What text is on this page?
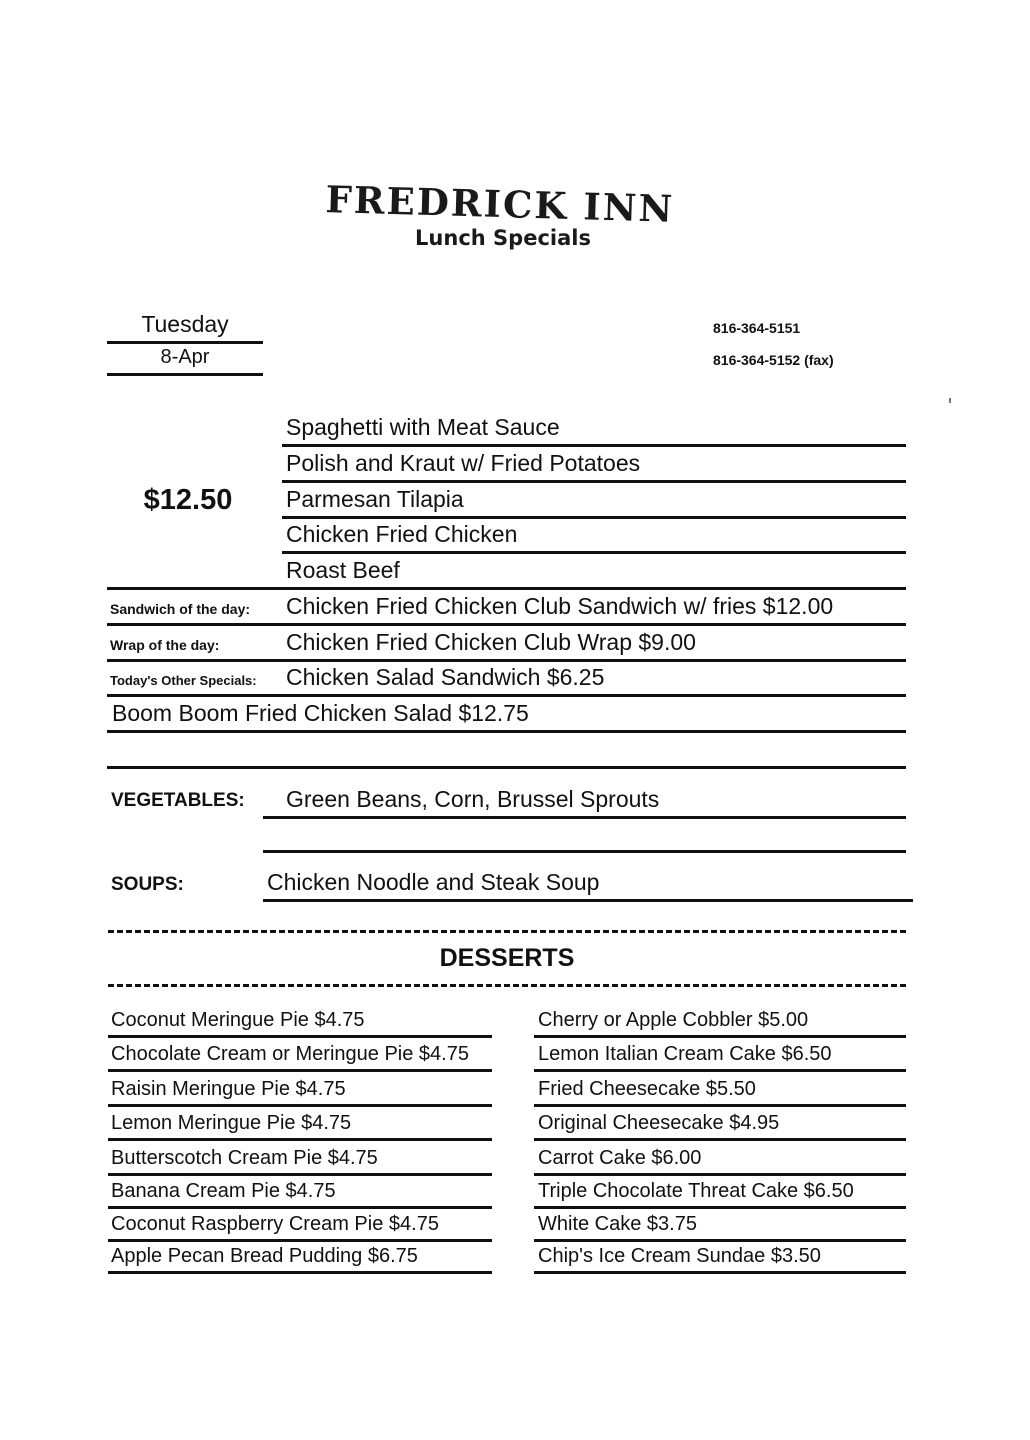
FREDRICK INN
Lunch Specials
Tuesday
8-Apr
816-364-5151
816-364-5152 (fax)
$12.50
Spaghetti with Meat Sauce
Polish and Kraut w/ Fried Potatoes
Parmesan Tilapia
Chicken Fried Chicken
Roast Beef
Sandwich of the day: Chicken Fried Chicken Club Sandwich w/ fries $12.00
Wrap of the day:	Chicken Fried Chicken Club Wrap $9.00
Today's Other Specials: Chicken Salad Sandwich $6.25
Boom Boom Fried Chicken Salad $12.75
VEGETABLES: Green Beans, Corn, Brussel Sprouts
SOUPS:	Chicken Noodle and Steak Soup
DESSERTS
Coconut Meringue Pie $4.75
Chocolate Cream or Meringue Pie $4.75
Raisin Meringue Pie $4.75
Lemon Meringue Pie $4.75
Butterscotch Cream Pie $4.75
Banana Cream Pie $4.75
Coconut Raspberry Cream Pie $4.75
Apple Pecan Bread Pudding $6.75
Cherry or Apple Cobbler $5.00
Lemon Italian Cream Cake $6.50
Fried Cheesecake $5.50
Original Cheesecake $4.95
Carrot Cake $6.00
Triple Chocolate Threat Cake $6.50
White Cake $3.75
Chip's Ice Cream Sundae $3.50
